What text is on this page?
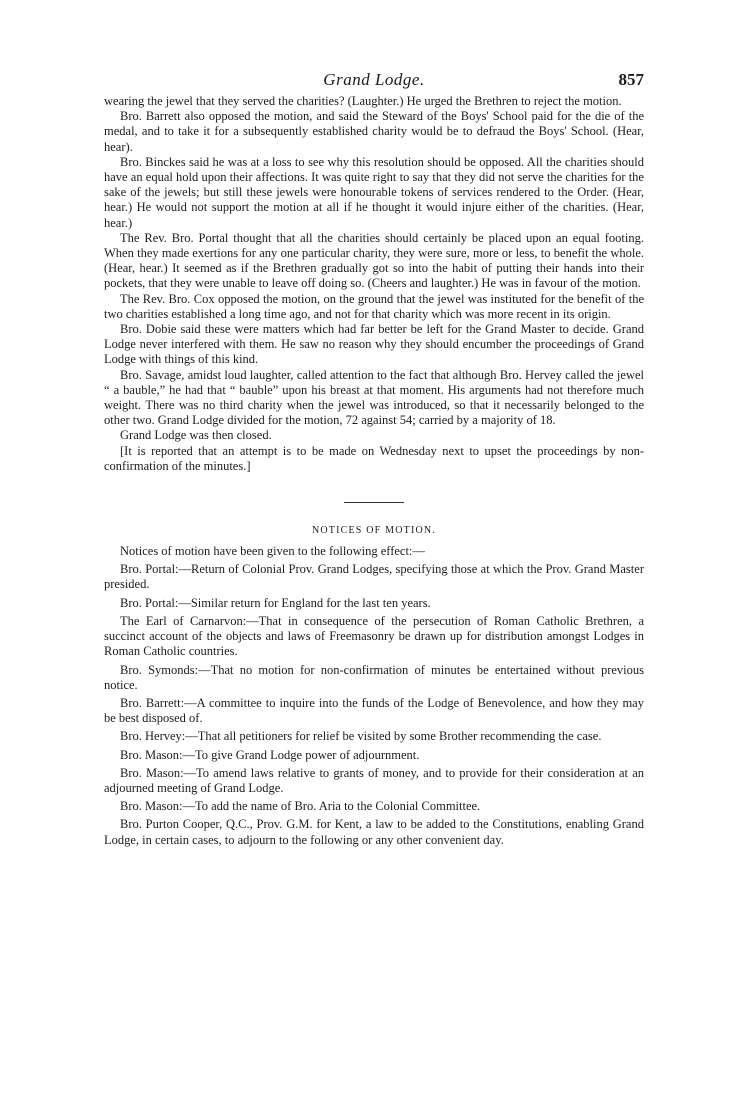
Grand Lodge.	857

wearing the jewel that they served the charities? (Laughter.) He urged the Brethren to reject the motion.

Bro. Barrett also opposed the motion, and said the Steward of the Boys' School paid for the die of the medal, and to take it for a subsequently established charity would be to defraud the Boys' School. (Hear, hear).

Bro. Binckes said he was at a loss to see why this resolution should be opposed. All the charities should have an equal hold upon their affections. It was quite right to say that they did not serve the charities for the sake of the jewels; but still these jewels were honourable tokens of services rendered to the Order. (Hear, hear.) He would not support the motion at all if he thought it would injure either of the charities. (Hear, hear.)

The Rev. Bro. Portal thought that all the charities should certainly be placed upon an equal footing. When they made exertions for any one particular charity, they were sure, more or less, to benefit the whole. (Hear, hear.) It seemed as if the Brethren gradually got so into the habit of putting their hands into their pockets, that they were unable to leave off doing so. (Cheers and laughter.) He was in favour of the motion.

The Rev. Bro. Cox opposed the motion, on the ground that the jewel was instituted for the benefit of the two charities established a long time ago, and not for that charity which was more recent in its origin.

Bro. Dobie said these were matters which had far better be left for the Grand Master to decide. Grand Lodge never interfered with them. He saw no reason why they should encumber the proceedings of Grand Lodge with things of this kind.

Bro. Savage, amidst loud laughter, called attention to the fact that although Bro. Hervey called the jewel “ a bauble,” he had that “ bauble” upon his breast at that moment. His arguments had not therefore much weight. There was no third charity when the jewel was introduced, so that it necessarily belonged to the other two. Grand Lodge divided for the motion, 72 against 54; carried by a majority of 18.

Grand Lodge was then closed.

[It is reported that an attempt is to be made on Wednesday next to upset the proceedings by non-confirmation of the minutes.]

NOTICES OF MOTION.

Notices of motion have been given to the following effect:—

Bro. Portal:—Return of Colonial Prov. Grand Lodges, specifying those at which the Prov. Grand Master presided.

Bro. Portal:—Similar return for England for the last ten years.

The Earl of Carnarvon:—That in consequence of the persecution of Roman Catholic Brethren, a succinct account of the objects and laws of Freemasonry be drawn up for distribution amongst Lodges in Roman Catholic countries.

Bro. Symonds:—That no motion for non-confirmation of minutes be entertained without previous notice.

Bro. Barrett:—A committee to inquire into the funds of the Lodge of Benevolence, and how they may be best disposed of.

Bro. Hervey:—That all petitioners for relief be visited by some Brother recommending the case.

Bro. Mason:—To give Grand Lodge power of adjournment.

Bro. Mason:—To amend laws relative to grants of money, and to provide for their consideration at an adjourned meeting of Grand Lodge.

Bro. Mason:—To add the name of Bro. Aria to the Colonial Committee.

Bro. Purton Cooper, Q.C., Prov. G.M. for Kent, a law to be added to the Constitutions, enabling Grand Lodge, in certain cases, to adjourn to the following or any other convenient day.
